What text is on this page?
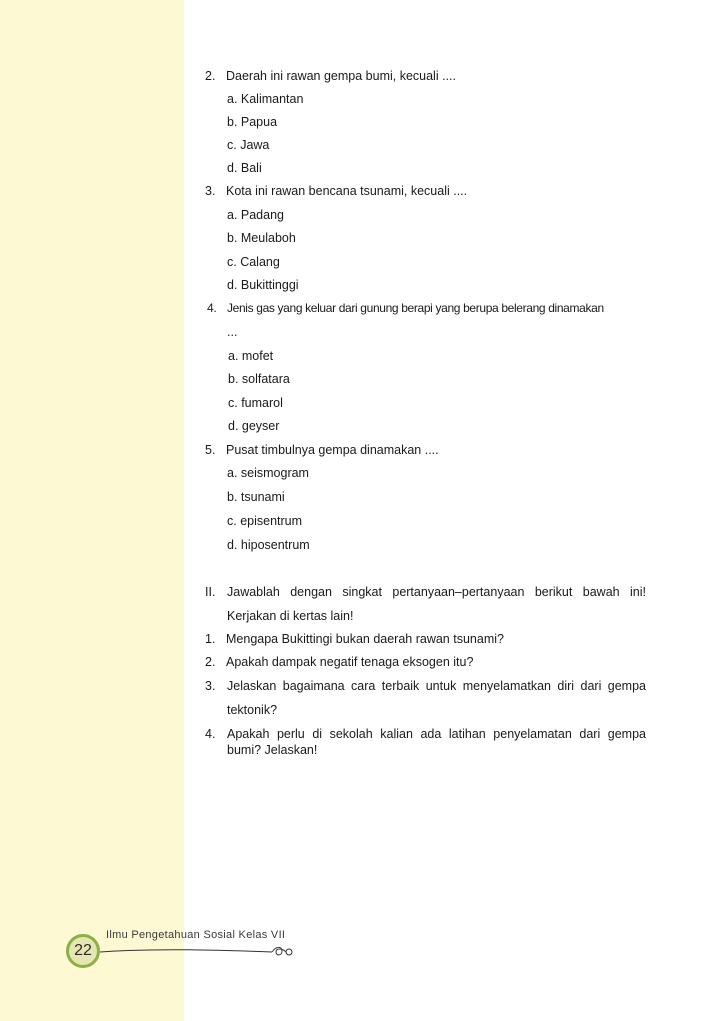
2. Daerah ini rawan gempa bumi, kecuali ....
a. Kalimantan
b. Papua
c. Jawa
d. Bali
3. Kota ini rawan bencana tsunami, kecuali ....
a. Padang
b. Meulaboh
c. Calang
d. Bukittinggi
4. Jenis gas yang keluar dari gunung berapi yang berupa belerang dinamakan
...
a. mofet
b. solfatara
c. fumarol
d. geyser
5. Pusat timbulnya gempa dinamakan ....
a. seismogram
b. tsunami
c. episentrum
d. hiposentrum
II. Jawablah dengan singkat pertanyaan–pertanyaan berikut bawah ini!
Kerjakan di kertas lain!
1. Mengapa Bukittingi bukan daerah rawan tsunami?
2. Apakah dampak negatif tenaga eksogen itu?
3. Jelaskan bagaimana cara terbaik untuk menyelamatkan diri dari gempa
tektonik?
4. Apakah perlu di sekolah kalian ada latihan penyelamatan dari gempa
bumi? Jelaskan!
Ilmu Pengetahuan Sosial Kelas VII
22
